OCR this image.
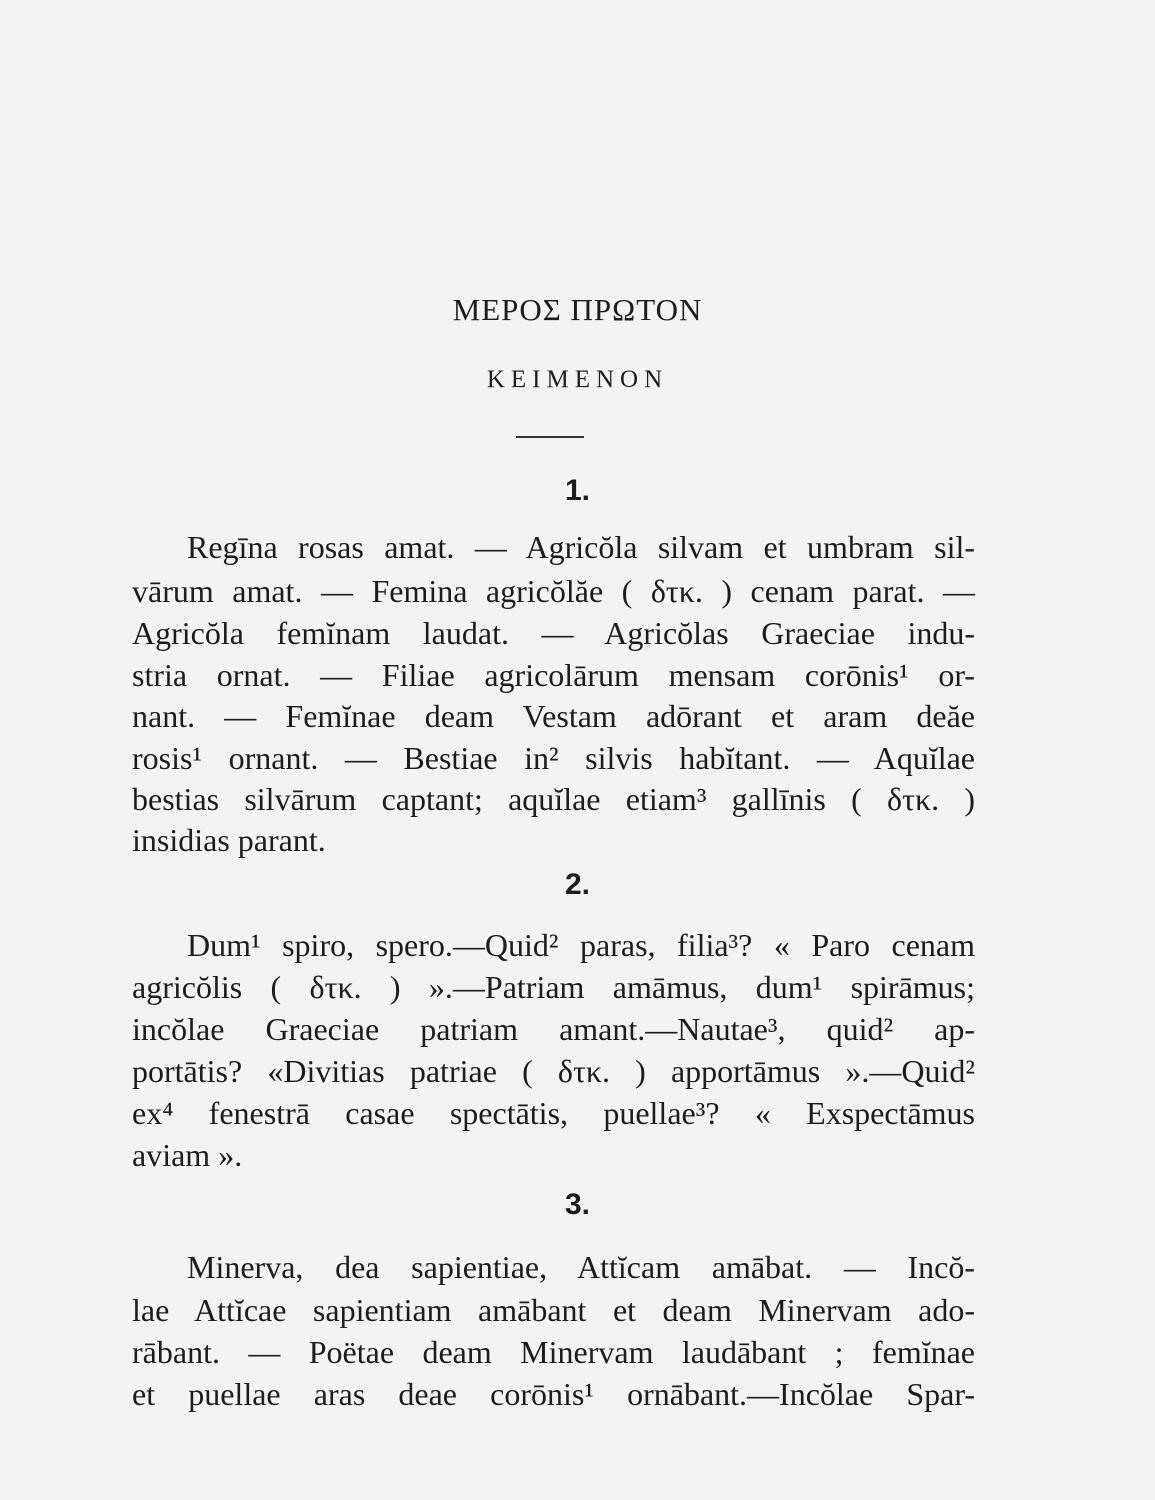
ΜΕΡΟΣ ΠΡΩΤΟΝ
ΚΕΙΜΕΝΟΝ
1.
Regīna rosas amat. — Agricŏla silvam et umbram sil-
vārum amat. — Femina agricŏlăe ( δτκ. ) cenam parat. —
Agricŏla femĭnam laudat. — Agricŏlas Graeciae indu-
stria ornat. — Filiae agricolārum mensam corōnis¹ or-
nant. — Femĭnae deam Vestam adōrant et aram deăe
rosis¹ ornant. — Bestiae in² silvis habĭtant. — Aquĭlae
bestias silvārum captant; aquĭlae etiam³ gallīnis ( δτκ. )
insidias parant.
2.
Dum¹ spiro, spero.—Quid² paras, filia³? « Paro cenam
agricŏlis ( δτκ. ) ».—Patriam amāmus, dum¹ spirāmus;
incŏlae Graeciae patriam amant.—Nautae³, quid² ap-
portātis? «Divitias patriae ( δτκ. ) apportāmus ».—Quid²
ex⁴ fenestrā casae spectātis, puellae³? « Exspectāmus
aviam ».
3.
Minerva, dea sapientiae, Attĭcam amābat. — Incŏ-
lae Attĭcae sapientiam amābant et deam Minervam ado-
rābant. — Poëtae deam Minervam laudābant ; femĭnae
et puellae aras deae corōnis¹ ornābant.—Incŏlae Spar-
